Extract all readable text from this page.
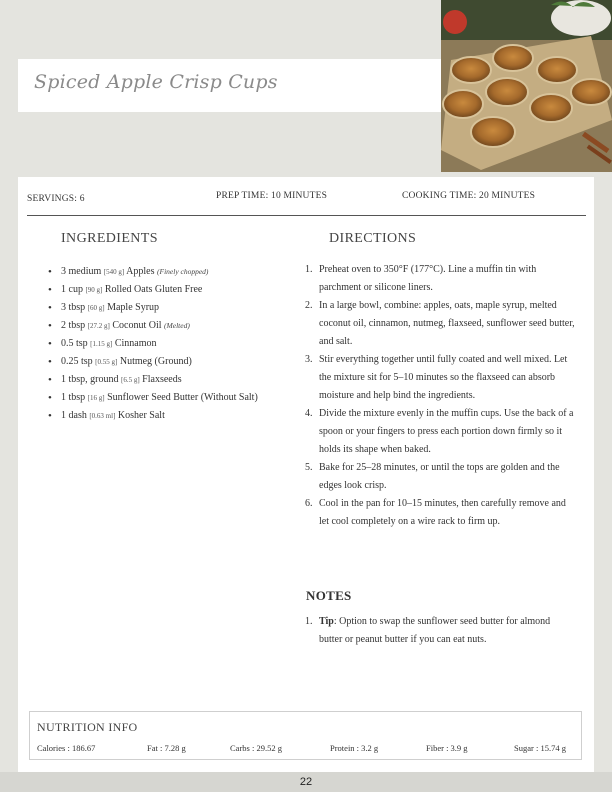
Spiced Apple Crisp Cups
SERVINGS: 6	PREP TIME: 10 MINUTES	COOKING TIME: 20 MINUTES
INGREDIENTS	DIRECTIONS
• 3 medium [540 g] Apples (Finely chopped)
• 1 cup [90 g] Rolled Oats Gluten Free
• 3 tbsp [60 g] Maple Syrup
• 2 tbsp [27.2 g] Coconut Oil (Melted)
• 0.5 tsp [1.15 g] Cinnamon
• 0.25 tsp [0.55 g] Nutmeg (Ground)
• 1 tbsp, ground [6.5 g] Flaxseeds
• 1 tbsp [16 g] Sunflower Seed Butter (Without Salt)
• 1 dash [0.63 ml] Kosher Salt
1. Preheat oven to 350°F (177°C). Line a muffin tin with parchment or silicone liners.
2. In a large bowl, combine: apples, oats, maple syrup, melted coconut oil, cinnamon, nutmeg, flaxseed, sunflower seed butter, and salt.
3. Stir everything together until fully coated and well mixed. Let the mixture sit for 5–10 minutes so the flaxseed can absorb moisture and help bind the ingredients.
4. Divide the mixture evenly in the muffin cups. Use the back of a spoon or your fingers to press each portion down firmly so it holds its shape when baked.
5. Bake for 25–28 minutes, or until the tops are golden and the edges look crisp.
6. Cool in the pan for 10–15 minutes, then carefully remove and let cool completely on a wire rack to firm up.
NOTES
1. Tip: Option to swap the sunflower seed butter for almond butter or peanut butter if you can eat nuts.
NUTRITION INFO
Calories : 186.67	Fat : 7.28 g	Carbs : 29.52 g	Protein : 3.2 g	Fiber : 3.9 g	Sugar : 15.74 g
22
